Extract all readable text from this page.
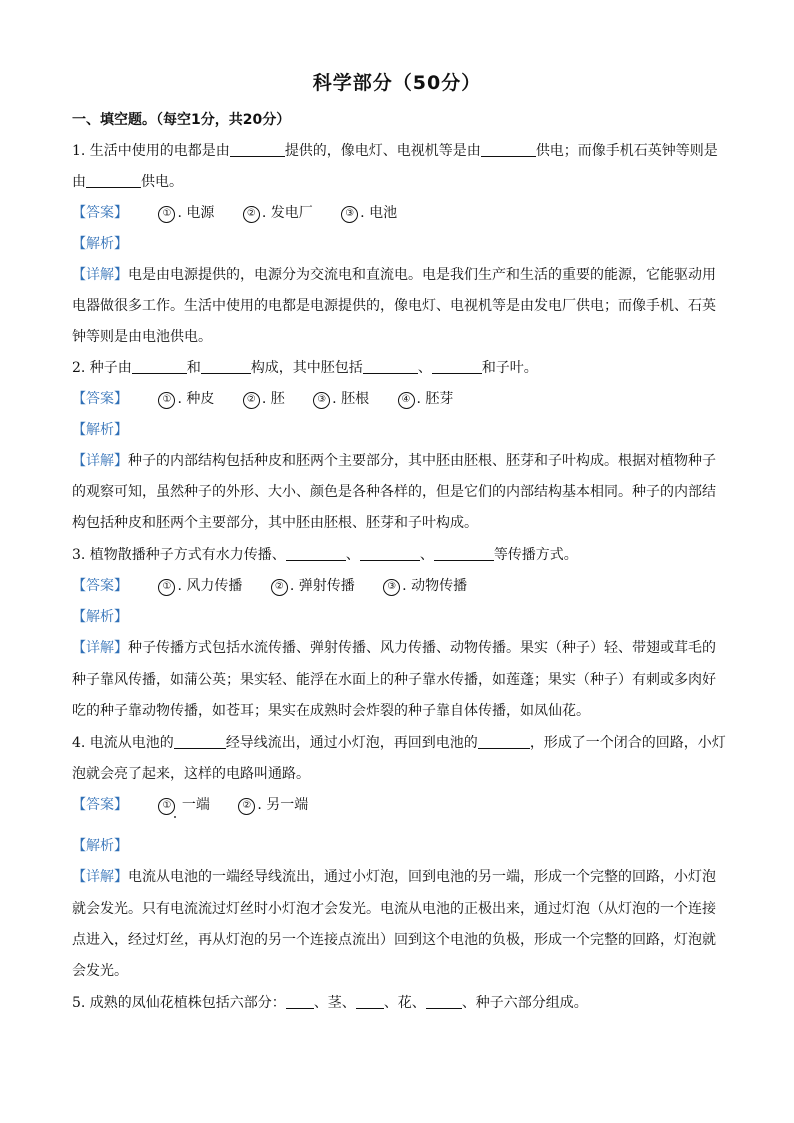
科学部分（50分）
一、填空题。（每空1分，共20分）
1. 生活中使用的电都是由	提供的，像电灯、电视机等是由	供电；而像手机石英钟等则是
由	供电。
【答案】	① . 电源	② . 发电厂	③ . 电池
【解析】
【详解】电是由电源提供的，电源分为交流电和直流电。电是我们生产和生活的重要的能源，它能驱动用
电器做很多工作。生活中使用的电都是电源提供的，像电灯、电视机等是由发电厂供电；而像手机、石英
钟等则是由电池供电。
2. 种子由	和	构成，其中胚包括	、	和子叶。
【答案】	① . 种皮	② . 胚	③ . 胚根	④ . 胚芽
【解析】
【详解】种子的内部结构包括种皮和胚两个主要部分，其中胚由胚根、胚芽和子叶构成。根据对植物种子
的观察可知，虽然种子的外形、大小、颜色是各种各样的，但是它们的内部结构基本相同。种子的内部结
构包括种皮和胚两个主要部分，其中胚由胚根、胚芽和子叶构成。
3. 植物散播种子方式有水力传播、	、	、	等传播方式。
【答案】	① . 风力传播	② . 弹射传播	③ . 动物传播
【解析】
【详解】种子传播方式包括水流传播、弹射传播、风力传播、动物传播。果实（种子）轻、带翅或茸毛的
种子靠风传播，如蒲公英；果实轻、能浮在水面上的种子靠水传播，如莲蓬；果实（种子）有刺或多肉好
吃的种子靠动物传播，如苍耳；果实在成熟时会炸裂的种子靠自体传播，如凤仙花。
4. 电流从电池的	经导线流出，通过小灯泡，再回到电池的	，形成了一个闭合的回路，小灯
泡就会亮了起来，这样的电路叫通路。
【答案】	① 一端	② . 另一端
【解析】
【详解】电流从电池的一端经导线流出，通过小灯泡，回到电池的另一端，形成一个完整的回路，小灯泡
就会发光。只有电流流过灯丝时小灯泡才会发光。电流从电池的正极出来，通过灯泡（从灯泡的一个连接
点进入，经过灯丝，再从灯泡的另一个连接点流出）回到这个电池的负极，形成一个完整的回路，灯泡就
会发光。
5. 成熟的凤仙花植株包括六部分： 、茎、 、花、	、种子六部分组成。
